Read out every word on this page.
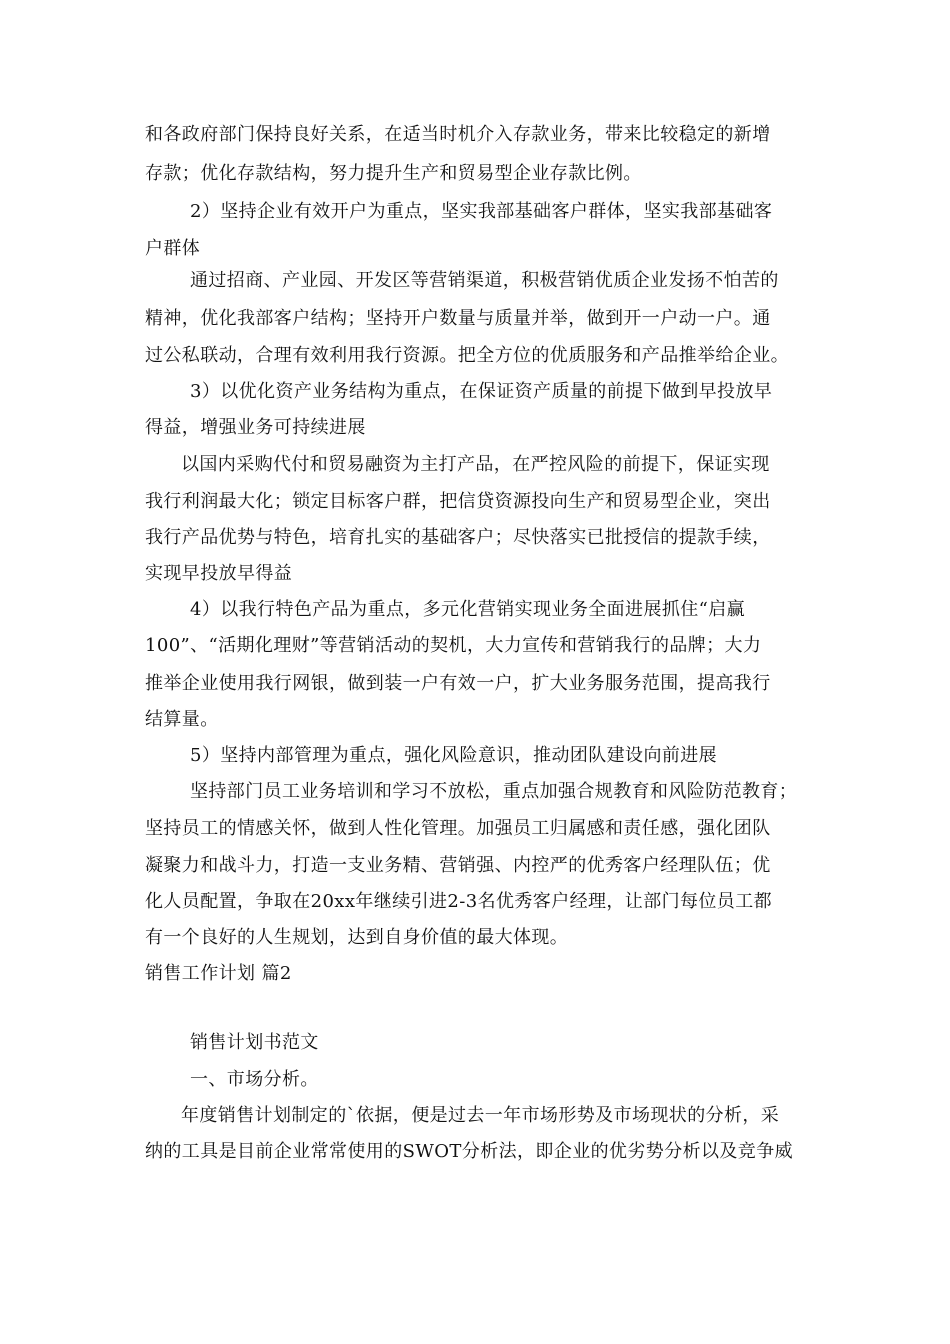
和各政府部门保持良好关系，在适当时机介入存款业务，带来比较稳定的新增
存款；优化存款结构，努力提升生产和贸易型企业存款比例。
2）坚持企业有效开户为重点，坚实我部基础客户群体，坚实我部基础客
户群体
通过招商、产业园、开发区等营销渠道，积极营销优质企业发扬不怕苦的
精神，优化我部客户结构；坚持开户数量与质量并举，做到开一户动一户。通
过公私联动，合理有效利用我行资源。把全方位的优质服务和产品推举给企业。
3）以优化资产业务结构为重点，在保证资产质量的前提下做到早投放早
得益，增强业务可持续进展
以国内采购代付和贸易融资为主打产品，在严控风险的前提下，保证实现
我行利润最大化；锁定目标客户群，把信贷资源投向生产和贸易型企业，突出
我行产品优势与特色，培育扎实的基础客户；尽快落实已批授信的提款手续，
实现早投放早得益
4）以我行特色产品为重点，多元化营销实现业务全面进展抓住“启赢
100”、“活期化理财”等营销活动的契机，大力宣传和营销我行的品牌；大力
推举企业使用我行网银，做到装一户有效一户，扩大业务服务范围，提高我行
结算量。
5）坚持内部管理为重点，强化风险意识，推动团队建设向前进展
坚持部门员工业务培训和学习不放松，重点加强合规教育和风险防范教育；
坚持员工的情感关怀，做到人性化管理。加强员工归属感和责任感，强化团队
凝聚力和战斗力，打造一支业务精、营销强、内控严的优秀客户经理队伍；优
化人员配置，争取在20xx年继续引进2-3名优秀客户经理，让部门每位员工都
有一个良好的人生规划，达到自身价值的最大体现。
销售工作计划 篇2
销售计划书范文
一、市场分析。
年度销售计划制定的`依据，便是过去一年市场形势及市场现状的分析，采
纳的工具是目前企业常常使用的SWOT分析法，即企业的优劣势分析以及竞争威
